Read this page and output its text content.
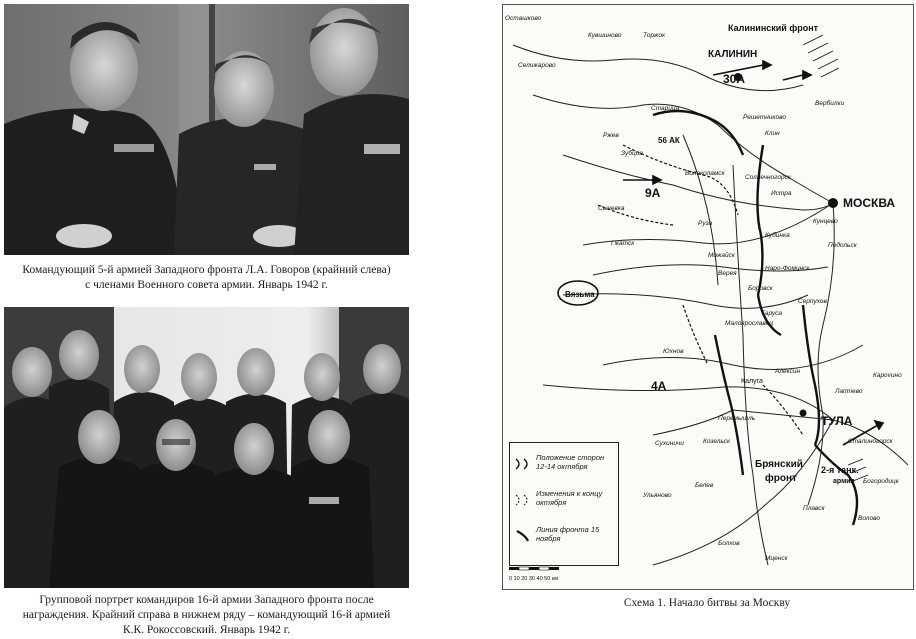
Командующий 5-й армией Западного фронта Л.А. Говоров (крайний слева)
с членами Военного совета армии. Январь 1942 г.
Групповой портрет командиров 16-й армии Западного фронта после
награждения. Крайний справа в нижнем ряду – командующий 16-й армией
К.К. Рокоссовский. Январь 1942 г.
Осташково
Кувшиново	Торжок
Селижарово
Старица
Ржев
Зубцов
Сычевка
Гжатск
Вязьма
Можайск
Руза
Истра
Волоколамск
Клин
Солнечногорск
Кубинка
Кунцево
Подольск
Серпухов
Наро-Фоминск
Верея
Боровск
Малоярославец
Калуга
Алексин
Юхнов
Сухиничи	Козельск
Белев
Плавск
Богородицк
Волово
Сталиногорск
Карovино
Лаптево
Вербилки
Решетниково
Ульяново
Болхов
Мценск
Перемышль
Таруса
МОСКВА
КАЛИНИН
ТУЛА
Калининский фронт
Брянский
фронт
2-я танк.
армия
30А
9А
4А
56 АК
0 10 20 30 40 50 км
Положение сторон 12-14 октября
Изменения к концу октября
Линия фронта 15 ноября
Схема 1. Начало битвы за Москву
